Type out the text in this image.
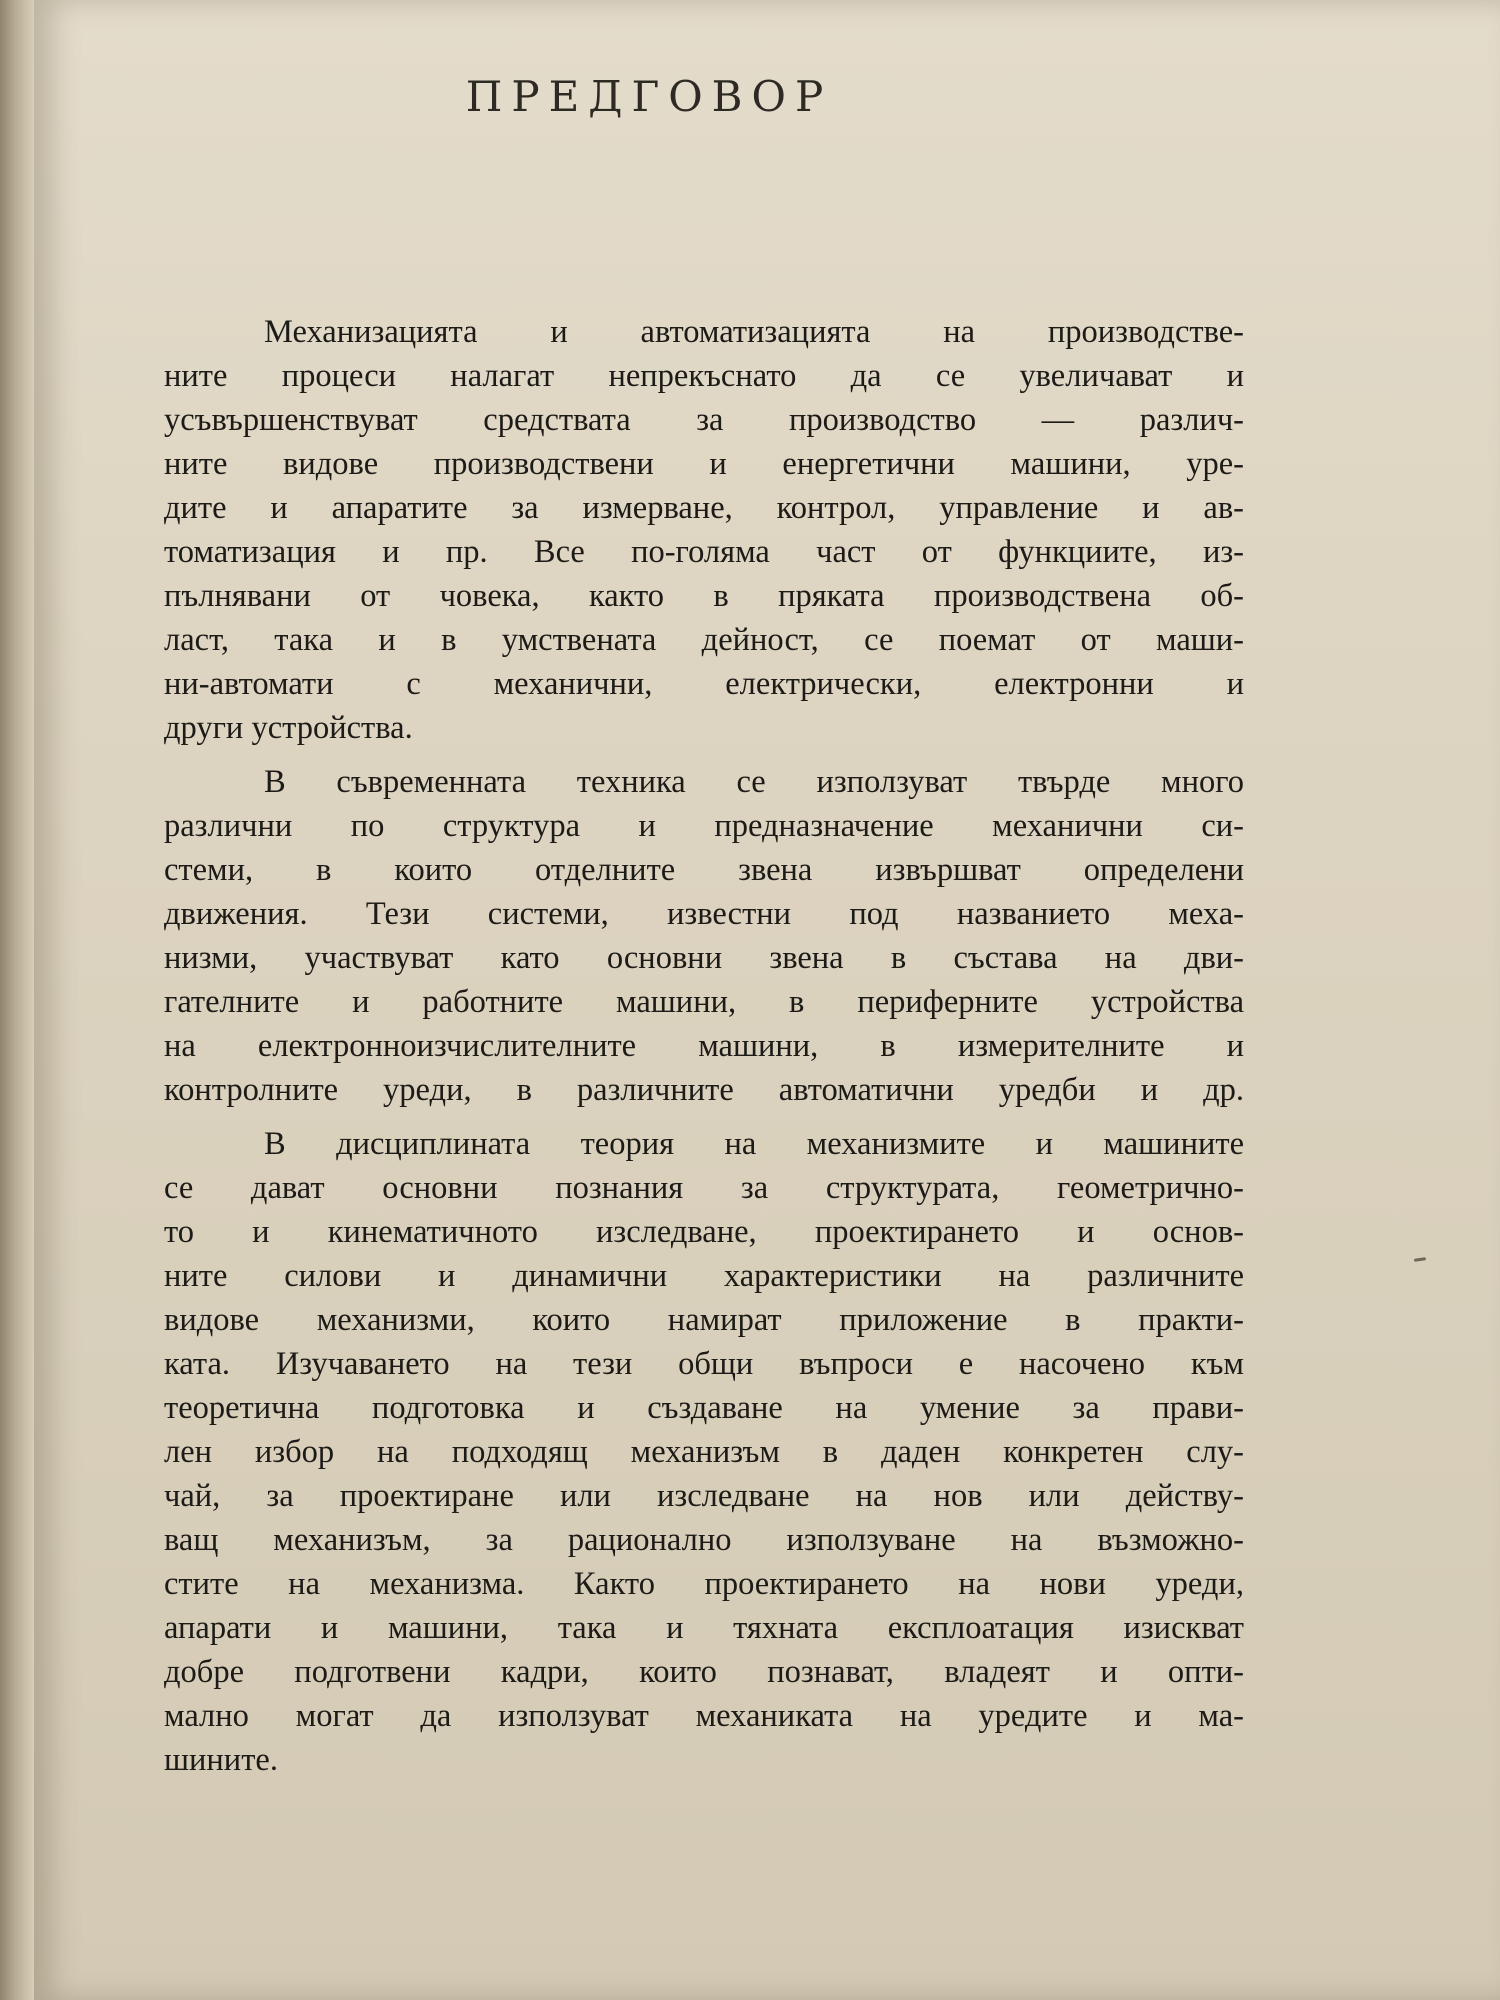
ПРЕДГОВОР
Механизацията и автоматизацията на производстве-
ните процеси налагат непрекъснато да се увеличават и
усъвършенствуват средствата за производство — различ-
ните видове производствени и енергетични машини, уре-
дите и апаратите за измерване, контрол, управление и ав-
томатизация и пр. Все по-голяма част от функциите, из-
пълнявани от човека, както в пряката производствена об-
ласт, така и в умствената дейност, се поемат от маши-
ни-автомати с механични, електрически, електронни и
други устройства.
В съвременната техника се използуват твърде много
различни по структура и предназначение механични си-
стеми, в които отделните звена извършват определени
движения. Тези системи, известни под названието меха-
низми, участвуват като основни звена в състава на дви-
гателните и работните машини, в периферните устройства
на електронноизчислителните машини, в измерителните и
контролните уреди, в различните автоматични уредби и др.
В дисциплината теория на механизмите и машините
се дават основни познания за структурата, геометрично-
то и кинематичното изследване, проектирането и основ-
ните силови и динамични характеристики на различните
видове механизми, които намират приложение в практи-
ката. Изучаването на тези общи въпроси е насочено към
теоретична подготовка и създаване на умение за прави-
лен избор на подходящ механизъм в даден конкретен слу-
чай, за проектиране или изследване на нов или действу-
ващ механизъм, за рационално използуване на възможно-
стите на механизма. Както проектирането на нови уреди,
апарати и машини, така и тяхната експлоатация изискват
добре подготвени кадри, които познават, владеят и опти-
мално могат да използуват механиката на уредите и ма-
шините.
